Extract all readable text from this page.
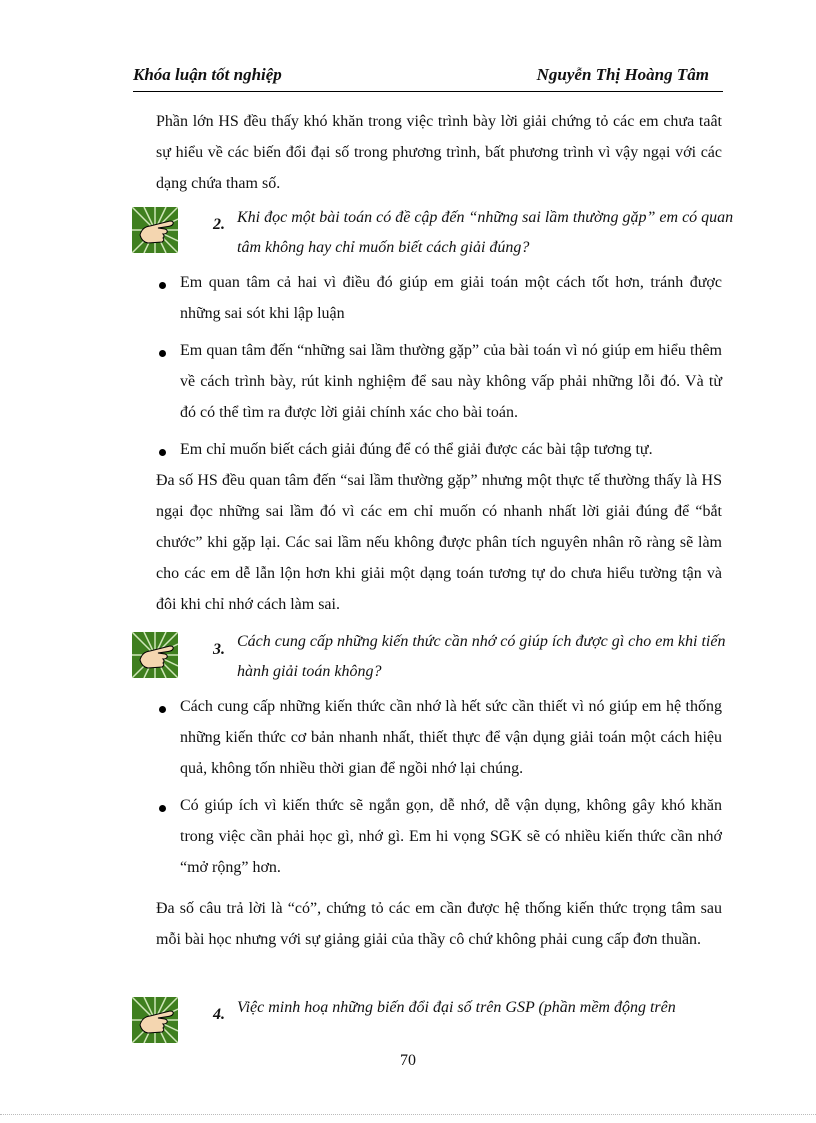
Khóa luận tốt nghiệp	Nguyễn Thị Hoàng Tâm

Phần lớn HS đều thấy khó khăn trong việc trình bày lời giải chứng tỏ các em chưa taât sự hiểu về các biến đổi đại số trong phương trình, bất phương trình vì vậy ngại với các dạng chứa tham số.

2. Khi đọc một bài toán có đề cập đến “những sai lầm thường gặp” em có quan tâm không hay chỉ muốn biết cách giải đúng?

Em quan tâm cả hai vì điều đó giúp em giải toán một cách tốt hơn, tránh được những sai sót khi lập luận

Em quan tâm đến “những sai lầm thường gặp” của bài toán vì nó giúp em hiểu thêm về cách trình bày, rút kinh nghiệm để sau này không vấp phải những lỗi đó. Và từ đó có thể tìm ra được lời giải chính xác cho bài toán.

Em chỉ muốn biết cách giải đúng để có thể giải được các bài tập tương tự.

Đa số HS đều quan tâm đến “sai lầm thường gặp” nhưng một thực tế thường thấy là HS ngại đọc những sai lầm đó vì các em chỉ muốn có nhanh nhất lời giải đúng để “bắt chước” khi gặp lại. Các sai lầm nếu không được phân tích nguyên nhân rõ ràng sẽ làm cho các em dễ lẫn lộn hơn khi giải một dạng toán tương tự do chưa hiểu tường tận và đôi khi chỉ nhớ cách làm sai.

3. Cách cung cấp những kiến thức cần nhớ có giúp ích được gì cho em khi tiến hành giải toán không?

Cách cung cấp những kiến thức cần nhớ là hết sức cần thiết vì nó giúp em hệ thống những kiến thức cơ bản nhanh nhất, thiết thực để vận dụng giải toán một cách hiệu quả, không tốn nhiều thời gian để ngồi nhớ lại chúng.

Có giúp ích vì kiến thức sẽ ngắn gọn, dễ nhớ, dễ vận dụng, không gây khó khăn trong việc cần phải học gì, nhớ gì. Em hi vọng SGK sẽ có nhiều kiến thức cần nhớ “mở rộng” hơn.

Đa số câu trả lời là “có”, chứng tỏ các em cần được hệ thống kiến thức trọng tâm sau mỗi bài học nhưng với sự giảng giải của thầy cô chứ không phải cung cấp đơn thuần.

4. Việc minh hoạ những biến đổi đại số trên GSP (phần mềm động trên

70
